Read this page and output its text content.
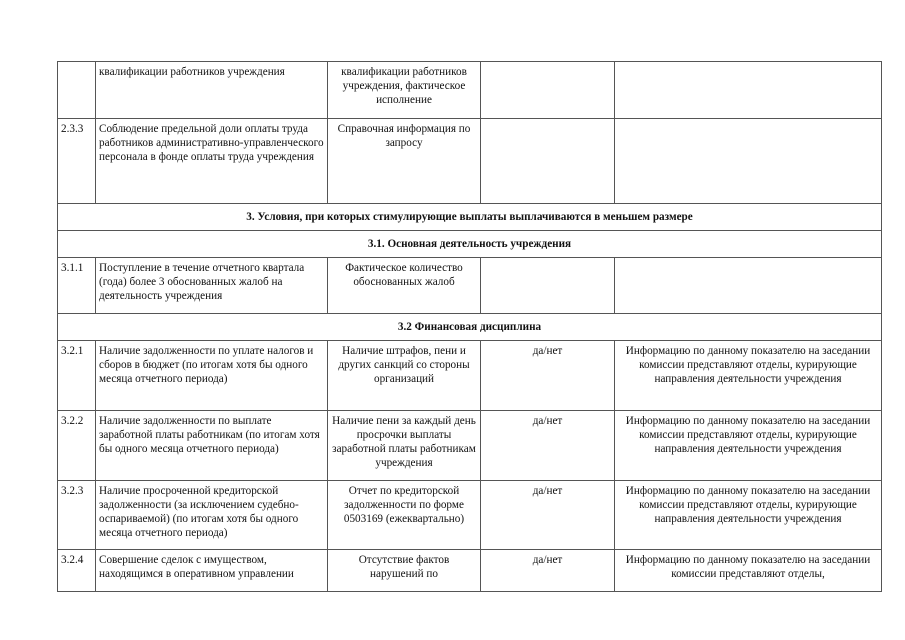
	квалификации работников учреждения	квалификации работников учреждения, фактическое исполнение		
2.3.3	Соблюдение предельной доли оплаты труда работников административно-управленческого персонала в фонде оплаты труда учреждения	Справочная информация по запросу		
3. Условия, при которых стимулирующие выплаты выплачиваются в меньшем размере				
3.1. Основная деятельность учреждения				
3.1.1	Поступление в течение отчетного квартала (года) более 3 обоснованных жалоб на деятельность учреждения	Фактическое количество обоснованных жалоб		
3.2 Финансовая дисциплина				
3.2.1	Наличие задолженности по уплате налогов и сборов в бюджет (по итогам хотя бы одного месяца отчетного периода)	Наличие штрафов, пени и других санкций со стороны организаций	да/нет	Информацию по данному показателю на заседании комиссии представляют отделы, курирующие направления деятельности учреждения
3.2.2	Наличие задолженности по выплате заработной платы работникам (по итогам хотя бы одного месяца отчетного периода)	Наличие пени за каждый день просрочки выплаты заработной платы работникам учреждения	да/нет	Информацию по данному показателю на заседании комиссии представляют отделы, курирующие направления деятельности учреждения
3.2.3	Наличие просроченной кредиторской задолженности (за исключением судебно-оспариваемой) (по итогам хотя бы одного месяца отчетного периода)	Отчет по кредиторской задолженности по форме 0503169 (ежеквартально)	да/нет	Информацию по данному показателю на заседании комиссии представляют отделы, курирующие направления деятельности учреждения
3.2.4	Совершение сделок с имуществом, находящимся в оперативном управлении	Отсутствие фактов нарушений по	да/нет	Информацию по данному показателю на заседании комиссии представляют отделы,
